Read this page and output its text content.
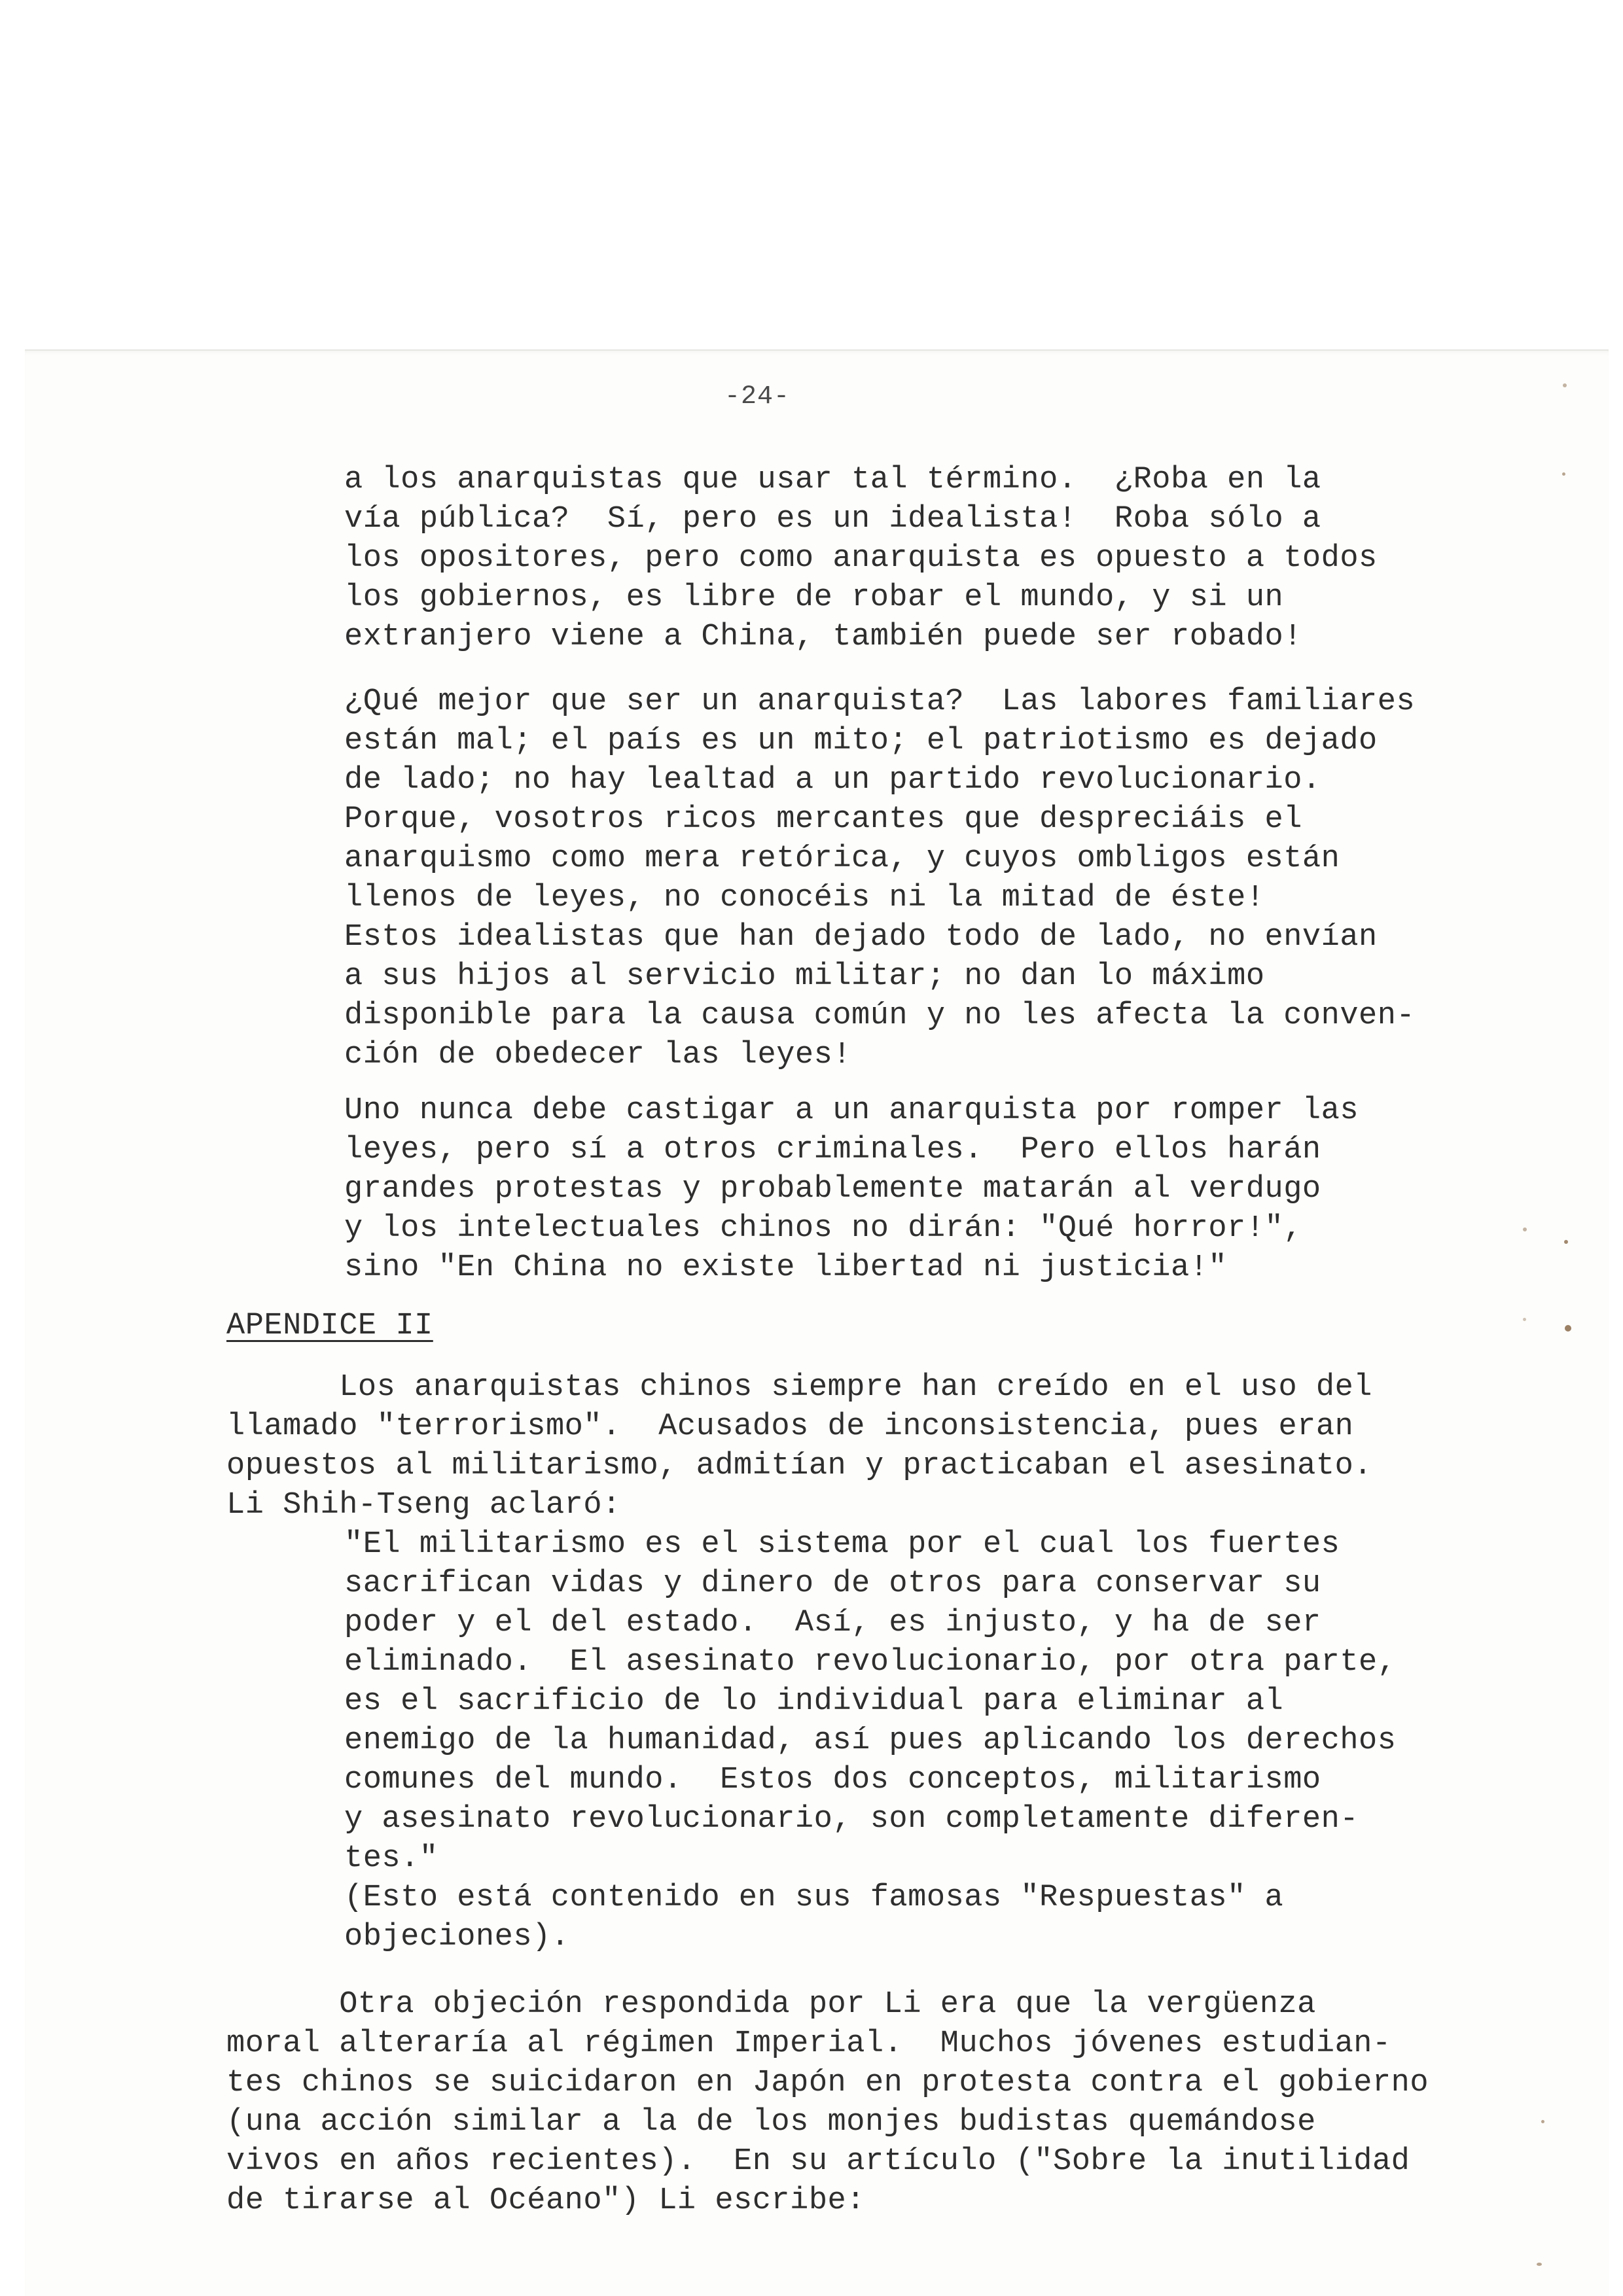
-24-

a los anarquistas que usar tal término.  ¿Roba en la
vía pública?  Sí, pero es un idealista!  Roba sólo a
los opositores, pero como anarquista es opuesto a todos
los gobiernos, es libre de robar el mundo, y si un
extranjero viene a China, también puede ser robado!

¿Qué mejor que ser un anarquista?  Las labores familiares
están mal; el país es un mito; el patriotismo es dejado
de lado; no hay lealtad a un partido revolucionario.
Porque, vosotros ricos mercantes que despreciáis el
anarquismo como mera retórica, y cuyos ombligos están
llenos de leyes, no conocéis ni la mitad de éste!
Estos idealistas que han dejado todo de lado, no envían
a sus hijos al servicio militar; no dan lo máximo
disponible para la causa común y no les afecta la conven-
ción de obedecer las leyes!

Uno nunca debe castigar a un anarquista por romper las
leyes, pero sí a otros criminales.  Pero ellos harán
grandes protestas y probablemente matarán al verdugo
y los intelectuales chinos no dirán: "Qué horror!",
sino "En China no existe libertad ni justicia!"

APENDICE II

Los anarquistas chinos siempre han creído en el uso del
llamado "terrorismo".  Acusados de inconsistencia, pues eran
opuestos al militarismo, admitían y practicaban el asesinato.
Li Shih-Tseng aclaró:

"El militarismo es el sistema por el cual los fuertes
sacrifican vidas y dinero de otros para conservar su
poder y el del estado.  Así, es injusto, y ha de ser
eliminado.  El asesinato revolucionario, por otra parte,
es el sacrificio de lo individual para eliminar al
enemigo de la humanidad, así pues aplicando los derechos
comunes del mundo.  Estos dos conceptos, militarismo
y asesinato revolucionario, son completamente diferen-
tes."
(Esto está contenido en sus famosas "Respuestas" a
objeciones).

Otra objeción respondida por Li era que la vergüenza
moral alteraría al régimen Imperial.  Muchos jóvenes estudian-
tes chinos se suicidaron en Japón en protesta contra el gobierno
(una acción similar a la de los monjes budistas quemándose
vivos en años recientes).  En su artículo ("Sobre la inutilidad
de tirarse al Océano") Li escribe:
